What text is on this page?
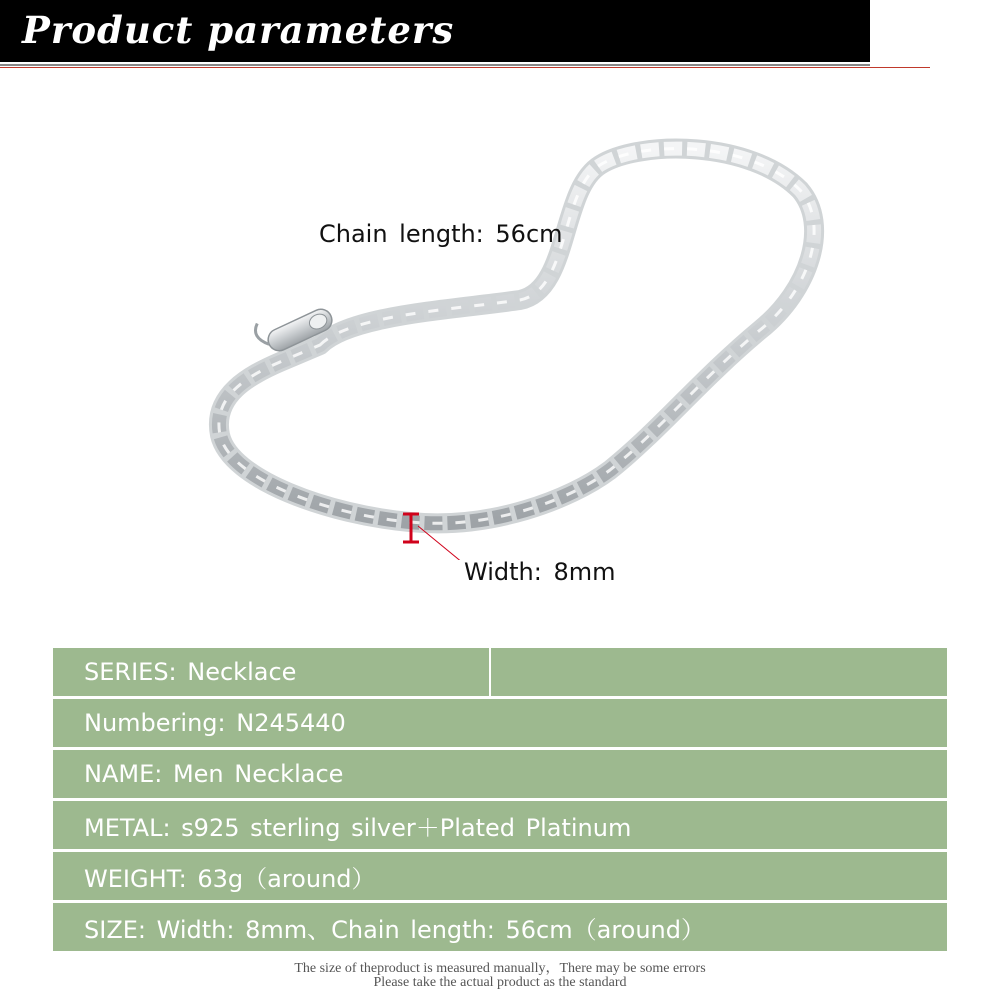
Product parameters
Chain length: 56cm
Width: 8mm
SERIES: Necklace
Numbering: N245440
NAME: Men Necklace
METAL: s925 sterling silver＋Plated Platinum
WEIGHT: 63g（around）
SIZE: Width: 8mm、Chain length: 56cm（around）
The size of theproduct is measured manually，There may be some errors
Please take the actual product as the standard
